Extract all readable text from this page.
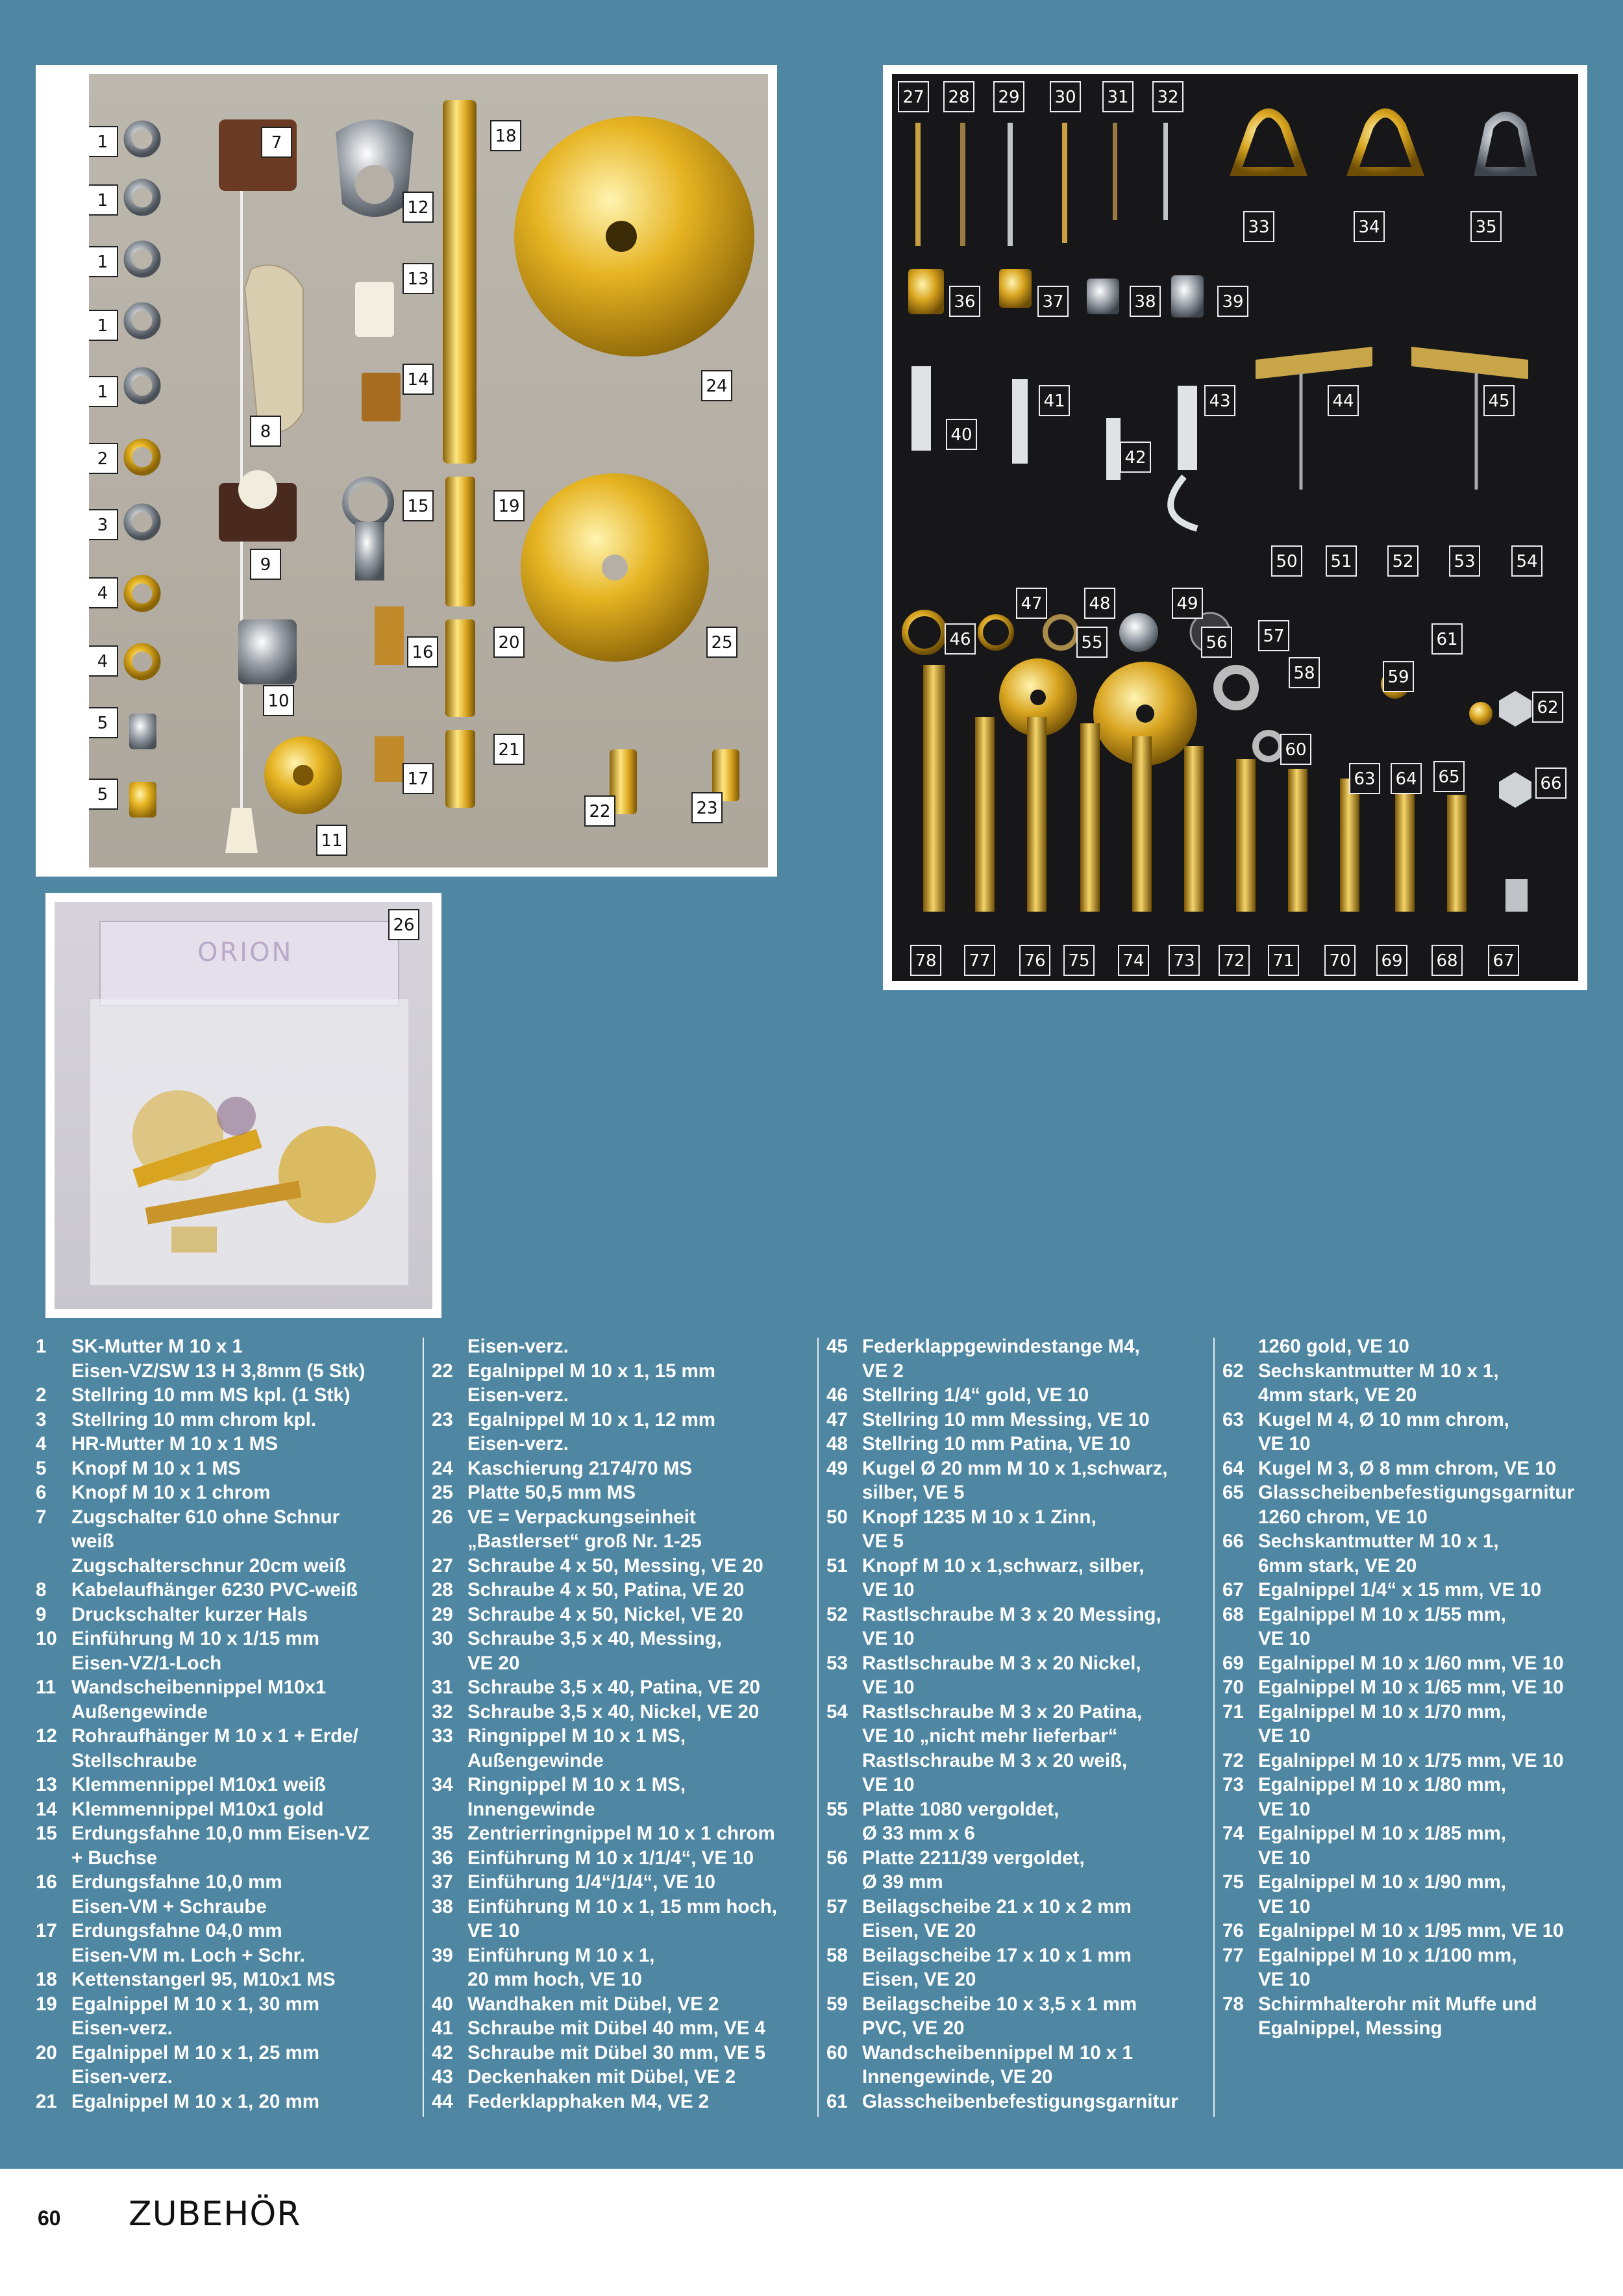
1
1
1
1
1
2
3
4
4
5
5
7
8
9
10
11
12
13
14
15
16
17
18
19
20
21
22	23
24
25
27 28 29 30 31 32
33	34	35
36	37	38	39
40
41
42
43	44	45
46
47	48	49
50 51 52 53 54
55	56 57
58	59
60
61
62
63 64 65	66
78 77 76 75 74 73 72 71 70 69 68 67
ORION
26
1 SK-Mutter M 10 x 1
Eisen-VZ/SW 13 H 3,8mm (5 Stk)
2 Stellring 10 mm MS kpl. (1 Stk)
3 Stellring 10 mm chrom kpl.
4 HR-Mutter M 10 x 1 MS
5 Knopf M 10 x 1 MS
6 Knopf M 10 x 1 chrom
7 Zugschalter 610 ohne Schnur
weiß
Zugschalterschnur 20cm weiß
8 Kabelaufhänger 6230 PVC-weiß
9 Druckschalter kurzer Hals
10 Einführung M 10 x 1/15 mm
Eisen-VZ/1-Loch
11 Wandscheibennippel M10x1
Außengewinde
12 Rohraufhänger M 10 x 1 + Erde/
Stellschraube
13 Klemmennippel M10x1 weiß
14 Klemmennippel M10x1 gold
15 Erdungsfahne 10,0 mm Eisen-VZ
+ Buchse
16 Erdungsfahne 10,0 mm
Eisen-VM + Schraube
17 Erdungsfahne 04,0 mm
Eisen-VM m. Loch + Schr.
18 Kettenstangerl 95, M10x1 MS
19 Egalnippel M 10 x 1, 30 mm
Eisen-verz.
20 Egalnippel M 10 x 1, 25 mm
Eisen-verz.
21 Egalnippel M 10 x 1, 20 mm
Eisen-verz.
22 Egalnippel M 10 x 1, 15 mm
Eisen-verz.
23 Egalnippel M 10 x 1, 12 mm
Eisen-verz.
24 Kaschierung 2174/70 MS
25 Platte 50,5 mm MS
26 VE = Verpackungseinheit
„Bastlerset“ groß Nr. 1-25
27 Schraube 4 x 50, Messing, VE 20
28 Schraube 4 x 50, Patina, VE 20
29 Schraube 4 x 50, Nickel, VE 20
30 Schraube 3,5 x 40, Messing,
VE 20
31 Schraube 3,5 x 40, Patina, VE 20
32 Schraube 3,5 x 40, Nickel, VE 20
33 Ringnippel M 10 x 1 MS,
Außengewinde
34 Ringnippel M 10 x 1 MS,
Innengewinde
35 Zentrierringnippel M 10 x 1 chrom
36 Einführung M 10 x 1/1/4“, VE 10
37 Einführung 1/4“/1/4“, VE 10
38 Einführung M 10 x 1, 15 mm hoch,
VE 10
39 Einführung M 10 x 1,
20 mm hoch, VE 10
40 Wandhaken mit Dübel, VE 2
41 Schraube mit Dübel 40 mm, VE 4
42 Schraube mit Dübel 30 mm, VE 5
43 Deckenhaken mit Dübel, VE 2
44 Federklapphaken M4, VE 2
45 Federklappgewindestange M4,
VE 2
46 Stellring 1/4“ gold, VE 10
47 Stellring 10 mm Messing, VE 10
48 Stellring 10 mm Patina, VE 10
49 Kugel Ø 20 mm M 10 x 1,schwarz,
silber, VE 5
50 Knopf 1235 M 10 x 1 Zinn,
VE 5
51 Knopf M 10 x 1,schwarz, silber,
VE 10
52 Rastlschraube M 3 x 20 Messing,
VE 10
53 Rastlschraube M 3 x 20 Nickel,
VE 10
54 Rastlschraube M 3 x 20 Patina,
VE 10 „nicht mehr lieferbar“
Rastlschraube M 3 x 20 weiß,
VE 10
55 Platte 1080 vergoldet,
Ø 33 mm x 6
56 Platte 2211/39 vergoldet,
Ø 39 mm
57 Beilagscheibe 21 x 10 x 2 mm
Eisen, VE 20
58 Beilagscheibe 17 x 10 x 1 mm
Eisen, VE 20
59 Beilagscheibe 10 x 3,5 x 1 mm
PVC, VE 20
60 Wandscheibennippel M 10 x 1
Innengewinde, VE 20
61 Glasscheibenbefestigungsgarnitur
1260 gold, VE 10
62 Sechskantmutter M 10 x 1,
4mm stark, VE 20
63 Kugel M 4, Ø 10 mm chrom,
VE 10
64 Kugel M 3, Ø 8 mm chrom, VE 10
65 Glasscheibenbefestigungsgarnitur
1260 chrom, VE 10
66 Sechskantmutter M 10 x 1,
6mm stark, VE 20
67 Egalnippel 1/4“ x 15 mm, VE 10
68 Egalnippel M 10 x 1/55 mm,
VE 10
69 Egalnippel M 10 x 1/60 mm, VE 10
70 Egalnippel M 10 x 1/65 mm, VE 10
71 Egalnippel M 10 x 1/70 mm,
VE 10
72 Egalnippel M 10 x 1/75 mm, VE 10
73 Egalnippel M 10 x 1/80 mm,
VE 10
74 Egalnippel M 10 x 1/85 mm,
VE 10
75 Egalnippel M 10 x 1/90 mm,
VE 10
76 Egalnippel M 10 x 1/95 mm, VE 10
77 Egalnippel M 10 x 1/100 mm,
VE 10
78 Schirmhalterohr mit Muffe und
Egalnippel, Messing
60 ZUBEHÖR
